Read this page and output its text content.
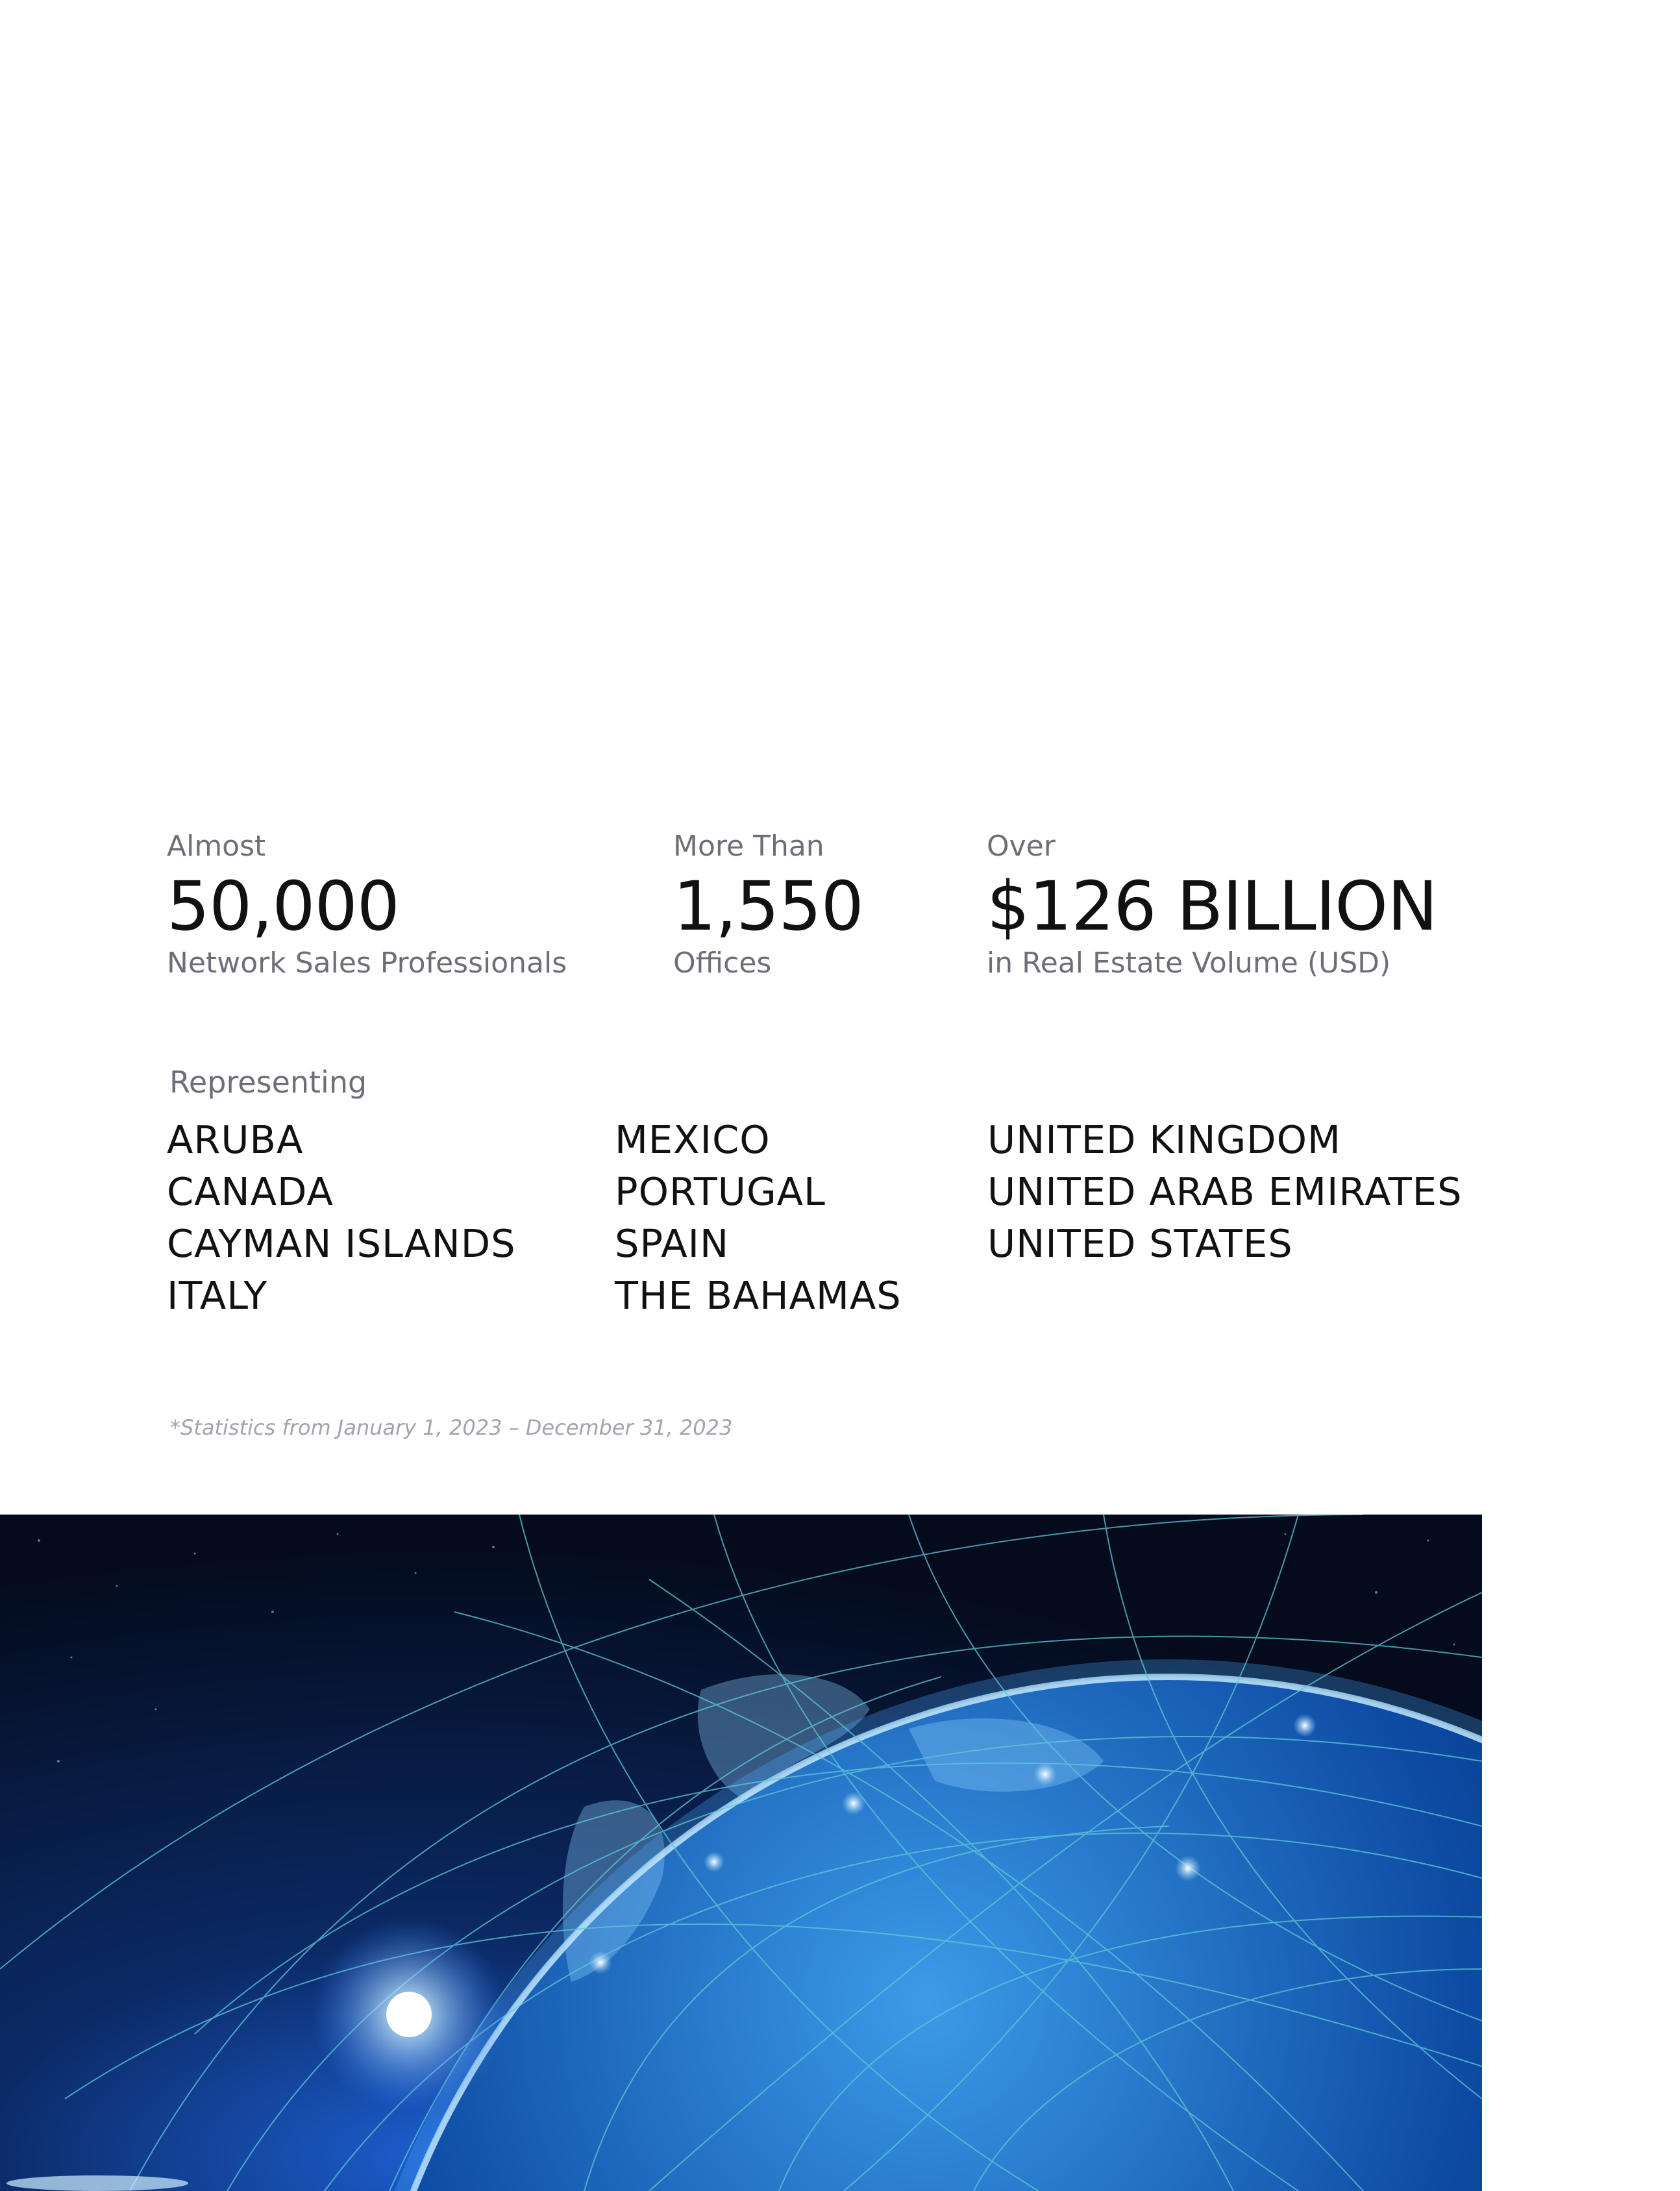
Almost
50,000
Network Sales Professionals
More Than
1,550
Offices
Over
$126 BILLION
in Real Estate Volume (USD)
Representing
ARUBA
CANADA
CAYMAN ISLANDS
ITALY
MEXICO
PORTUGAL
SPAIN
THE BAHAMAS
UNITED KINGDOM
UNITED ARAB EMIRATES
UNITED STATES
*Statistics from January 1, 2023 – December 31, 2023
